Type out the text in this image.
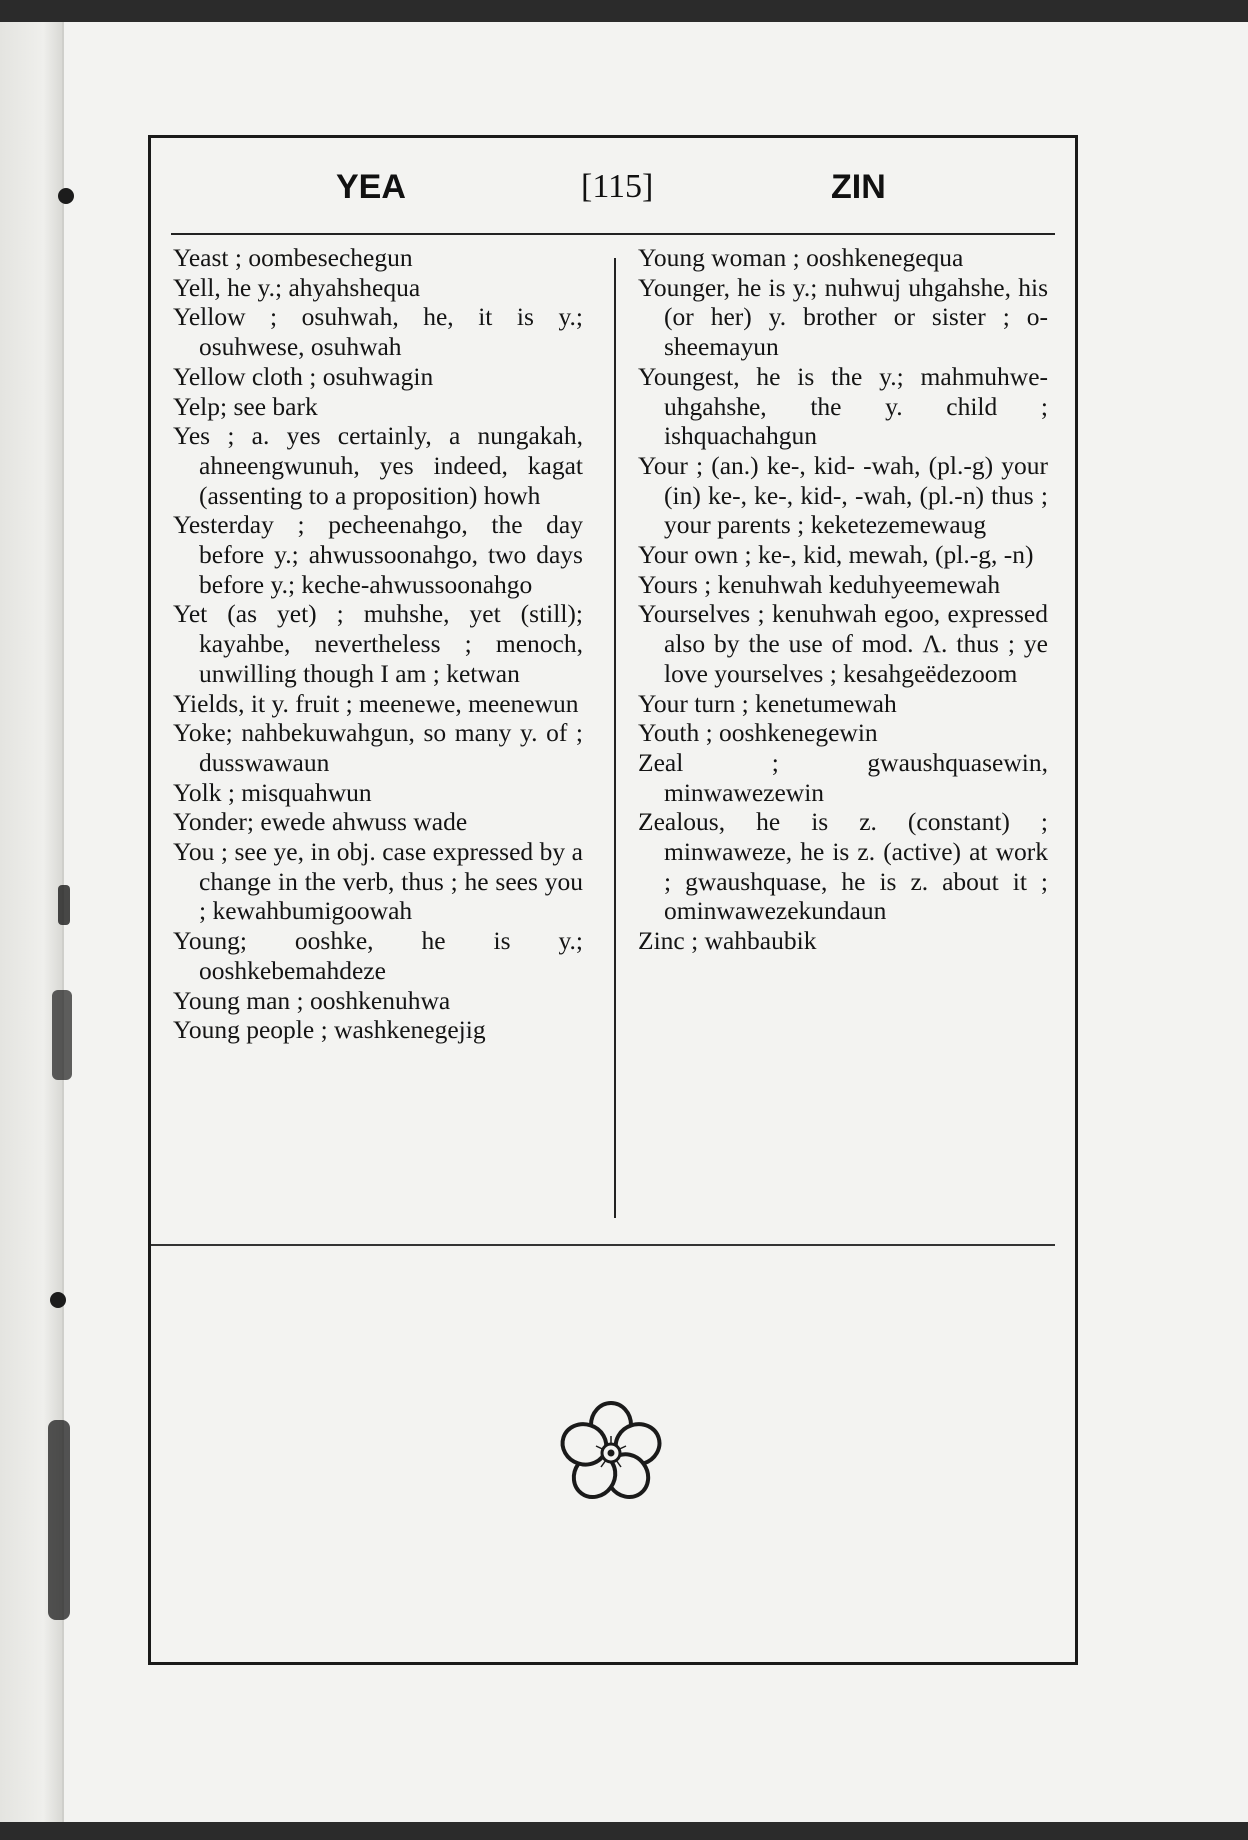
YEA	[115]	ZIN
Yeast ; oombesechegun
Yell, he y.; ahyahshequa
Yellow ; osuhwah, he, it is y.; osuhwese, osuhwah
Yellow cloth ; osuhwagin
Yelp; see bark
Yes ; a. yes certainly, a nungakah, ahneengwunuh, yes indeed, kagat (assenting to a proposition) howh
Yesterday ; pecheenahgo, the day before y.; ahwussoonahgo, two days before y.; keche-ahwussoonahgo
Yet (as yet) ; muhshe, yet (still); kayahbe, nevertheless ; menoch, unwilling though I am ; ketwan
Yields, it y. fruit ; meenewe, meenewun
Yoke; nahbekuwahgun, so many y. of ; dusswawaun
Yolk ; misquahwun
Yonder; ewede ahwuss wade
You ; see ye, in obj. case expressed by a change in the verb, thus ; he sees you ; kewahbumigoowah
Young; ooshke, he is y.; ooshkebemahdeze
Young man ; ooshkenuhwa
Young people ; washkenegejig
Young woman ; ooshkenegequa
Younger, he is y.; nuhwuj uhgahshe, his (or her) y. brother or sister ; o-sheemayun
Youngest, he is the y.; mahmuhwe-uhgahshe, the y. child ; ishquachahgun
Your ; (an.) ke-, kid- -wah, (pl.-g) your (in) ke-, ke-, kid-, -wah, (pl.-n) thus ; your parents ; keketezemewaug
Your own ; ke-, kid, mewah, (pl.-g, -n)
Yours ; kenuhwah keduhyeemewah
Yourselves ; kenuhwah egoo, expressed also by the use of mod. Λ. thus ; ye love yourselves ; kesahgeëdezoom
Your turn ; kenetumewah
Youth ; ooshkenegewin
Zeal ; gwaushquasewin, minwawezewin
Zealous, he is z. (constant) ; minwaweze, he is z. (active) at work ; gwaushquase, he is z. about it ; ominwawezekundaun
Zinc ; wahbaubik
